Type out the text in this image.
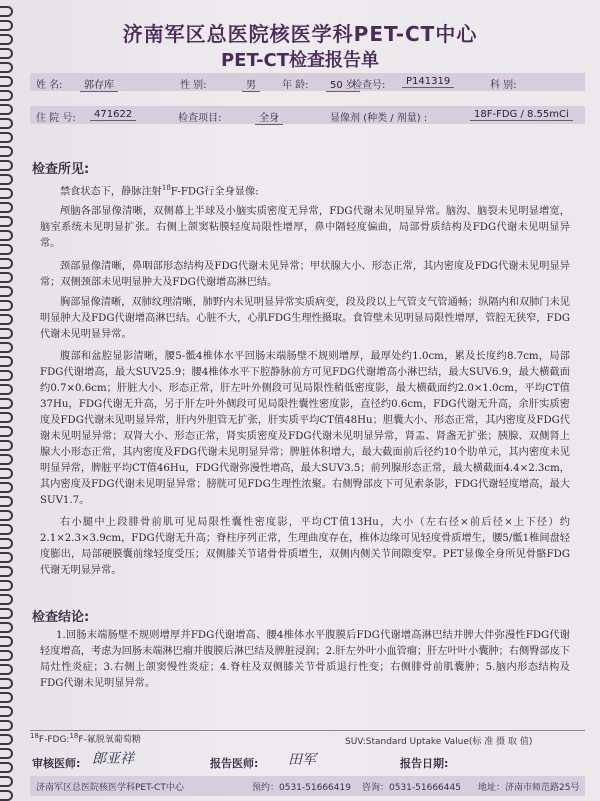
济南军区总医院核医学科PET-CT中心
PET-CT检查报告单
姓 名:	郭存库	性 别:	男	年 龄:	50 岁
检查号:	P141319	科 别:
住 院 号:	471622	检查项目:	全身	显像剂 (种类 / 剂量) :	18F-FDG / 8.55mCi
检查所见:

禁食状态下，静脉注射$^{18}$F-FDG行全身显像:

颅脑各部显像清晰，双侧幕上半球及小脑实质密度无异常，FDG代谢未见明显异常。脑沟、脑裂未见明显增宽，脑室系统未见明显扩张。右侧上颌窦粘膜轻度局限性增厚，鼻中隔轻度偏曲，局部骨质结构及FDG代谢未见明显异常。

颈部显像清晰，鼻咽部形态结构及FDG代谢未见异常；甲状腺大小、形态正常，其内密度及FDG代谢未见明显异常；双侧颈部未见明显肿大及FDG代谢增高淋巴结。

胸部显像清晰，双肺纹理清晰，肺野内未见明显异常实质病变，段及段以上气管支气管通畅；纵隔内和双肺门未见明显肿大及FDG代谢增高淋巴结。心脏不大，心肌FDG生理性摄取。食管壁未见明显局限性增厚，管腔无狭窄，FDG代谢未见明显异常。

腹部和盆腔显影清晰，腰5-骶4椎体水平回肠末端肠壁不规则增厚，最厚处约1.0cm，累及长度约8.7cm，局部FDG代谢增高，最大SUV25.9；腰4椎体水平下腔静脉前方可见FDG代谢增高小淋巴结，最大SUV6.9，最大横截面约0.7×0.6cm；肝脏大小、形态正常，肝左叶外侧段可见局限性稍低密度影，最大横截面约2.0×1.0cm，平均CT值37Hu，FDG代谢无升高，另于肝左叶外侧段可见局限性囊性密度影，直径约0.6cm，FDG代谢无升高，余肝实质密度及FDG代谢未见明显异常，肝内外胆管无扩张，肝实质平均CT值48Hu；胆囊大小、形态正常，其内密度及FDG代谢未见明显异常；双肾大小、形态正常，肾实质密度及FDG代谢未见明显异常，肾盂、肾盏无扩张；胰腺、双侧肾上腺大小形态正常，其内密度及FDG代谢未见明显异常；脾脏体积增大，最大截面前后径约10个肋单元，其内密度未见明显异常，脾脏平均CT值46Hu，FDG代谢弥漫性增高，最大SUV3.5；前列腺形态正常，最大横截面4.4×2.3cm，其内密度及FDG代谢未见明显异常；膀胱可见FDG生理性浓聚。右侧臀部皮下可见索条影，FDG代谢轻度增高，最大SUV1.7。

右小腿中上段腓骨前肌可见局限性囊性密度影，平均CT值13Hu，大小（左右径×前后径×上下径）约2.1×2.3×3.9cm，FDG代谢无升高；脊柱序列正常，生理曲度存在，椎体边缘可见轻度骨质增生，腰5/骶1椎间盘轻度膨出，局部硬膜囊前缘轻度受压；双侧膝关节诸骨骨质增生，双侧内侧关节间隙变窄。PET显像全身所见骨骼FDG代谢无明显异常。

检查结论:

1.回肠末端肠壁不规则增厚并FDG代谢增高、腰4椎体水平腹膜后FDG代谢增高淋巴结并脾大伴弥漫性FDG代谢轻度增高，考虑为回肠末端淋巴瘤并腹膜后淋巴结及脾脏浸润；2.肝左外叶小血管瘤；肝左叶叶小囊肿；右侧臀部皮下局灶性炎症；3.右侧上颌窦慢性炎症；4.脊柱及双侧膝关节骨质退行性变；右侧腓骨前肌囊肿；5.脑内形态结构及FDG代谢未见明显异常。

$^{18}$F-FDG:$^{18}$F-氟脱氧葡萄糖	SUV:Standard Uptake Value(标 准 摄 取 值)
审核医师: 郎亚祥	报告医师: 田军	报告日期:
济南军区总医院核医学科PET-CT中心	预约：0531-51666419 咨询：0531-51666445 地址：济南市师范路25号
